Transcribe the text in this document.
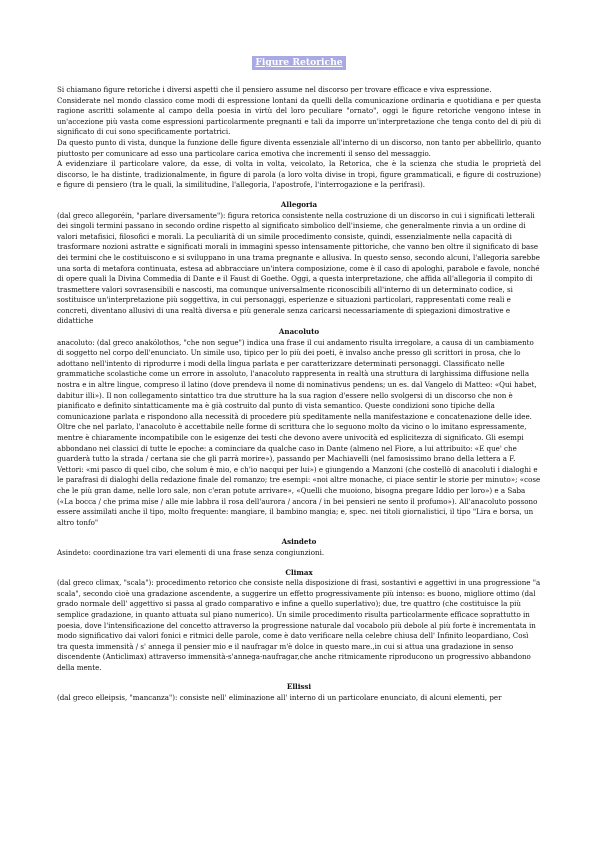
Figure Retoriche

Si chiamano figure retoriche i diversi aspetti che il pensiero assume nel discorso per trovare efficace e viva espressione.

Considerate nel mondo classico come modi di espressione lontani da quelli della comunicazione ordinaria e quotidiana e per questa ragione ascritti solamente al campo della poesia in virtù del loro peculiare "ornato", oggi le figure retoriche vengono intese in un'accezione più vasta come espressioni particolarmente pregnanti e tali da imporre un'interpretazione che tenga conto del di più di significato di cui sono specificamente portatrici.

Da questo punto di vista, dunque la funzione delle figure diventa essenziale all'interno di un discorso, non tanto per abbellirlo, quanto piuttosto per comunicare ad esso una particolare carica emotiva che incrementi il senso del messaggio.

A evidenziare il particolare valore, da esse, di volta in volta, veicolato, la Retorica, che è la scienza che studia le proprietà del discorso, le ha distinte, tradizionalmente, in figure di parola (a loro volta divise in tropi, figure grammaticali, e figure di costruzione) e figure di pensiero (tra le quali, la similitudine, l'allegoria, l'apostrofe, l'interrogazione e la perifrasi).

Allegoria

(dal greco allegoréin, "parlare diversamente"): figura retorica consistente nella costruzione di un discorso in cui i significati letterali dei singoli termini passano in secondo ordine rispetto al significato simbolico dell'insieme, che generalmente rinvia a un ordine di valori metafisici, filosofici e morali. La peculiarità di un simile procedimento consiste, quindi, essenzialmente nella capacità di trasformare nozioni astratte e significati morali in immagini spesso intensamente pittoriche, che vanno ben oltre il significato di base dei termini che le costituiscono e si sviluppano in una trama pregnante e allusiva. In questo senso, secondo alcuni, l'allegoria sarebbe una sorta di metafora continuata, estesa ad abbracciare un'intera composizione, come è il caso di apologhi, parabole e favole, nonché di opere quali la Divina Commedia di Dante e il Faust di Goethe. Oggi, a questa interpretazione, che affida all'allegoria il compito di trasmettere valori sovrasensibili e nascosti, ma comunque universalmente riconoscibili all'interno di un determinato codice, si sostituisce un'interpretazione più soggettiva, in cui personaggi, esperienze e situazioni particolari, rappresentati come reali e concreti, diventano allusivi di una realtà diversa e più generale senza caricarsi necessariamente di spiegazioni dimostrative e didattiche

Anacoluto

anacoluto: (dal greco anakólothos, "che non segue") indica una frase il cui andamento risulta irregolare, a causa di un cambiamento di soggetto nel corpo dell'enunciato. Un simile uso, tipico per lo più dei poeti, è invalso anche presso gli scrittori in prosa, che lo adottano nell'intento di riprodurre i modi della lingua parlata e per caratterizzare determinati personaggi. Classificato nelle grammatiche scolastiche come un errore in assoluto, l'anacoluto rappresenta in realtà una struttura di larghissima diffusione nella nostra e in altre lingue, compreso il latino (dove prendeva il nome di nominativus pendens; un es. dal Vangelo di Matteo: «Qui habet, dabitur illi»). Il non collegamento sintattico tra due strutture ha la sua ragion d'essere nello svolgersi di un discorso che non è pianificato e definito sintatticamente ma è già costruito dal punto di vista semantico. Queste condizioni sono tipiche della comunicazione parlata e rispondono alla necessità di procedere più speditamente nella manifestazione e concatenazione delle idee. Oltre che nel parlato, l'anacoluto è accettabile nelle forme di scrittura che lo seguono molto da vicino o lo imitano espressamente, mentre è chiaramente incompatibile con le esigenze dei testi che devono avere univocità ed esplicitezza di significato. Gli esempi abbondano nei classici di tutte le epoche: a cominciare da qualche caso in Dante (almeno nel Fiore, a lui attribuito: «E que' che guarderà tutto la strada / certana sie che gli parrà morire»), passando per Machiavelli (nel famosissimo brano della lettera a F. Vettori: «mi pasco di quel cibo, che solum è mio, e ch'io nacqui per lui») e giungendo a Manzoni (che costellò di anacoluti i dialoghi e le parafrasi di dialoghi della redazione finale del romanzo; tre esempi: «noi altre monache, ci piace sentir le storie per minuto»; «cose che le più gran dame, nelle loro sale, non c'eran potute arrivare», «Quelli che muoiono, bisogna pregare Iddio per loro») e a Saba («La bocca / che prima mise / alle mie labbra il rosa dell'aurora / ancora / in bei pensieri ne sento il profumo»). All'anacoluto possono essere assimilati anche il tipo, molto frequente: mangiare, il bambino mangia; e, spec. nei titoli giornalistici, il tipo "Lira e borsa, un altro tonfo"

Asindeto

Asindeto: coordinazione tra vari elementi di una frase senza congiunzioni.

Climax

(dal greco climax, "scala"): procedimento retorico che consiste nella disposizione di frasi, sostantivi e aggettivi in una progressione "a scala", secondo cioè una gradazione ascendente, a suggerire un effetto progressivamente più intenso: es buono, migliore ottimo (dal grado normale dell' aggettivo si passa al grado comparativo e infine a quello superlativo); due, tre quattro (che costituisce la più semplice gradazione, in quanto attuata sul piano numerico). Un simile procedimento risulta particolarmente efficace soprattutto in poesia, dove l'intensificazione del concetto attraverso la progressione naturale dal vocabolo più debole al più forte è incrementata in modo significativo dai valori fonici e ritmici delle parole, come è dato verificare nella celebre chiusa dell' Infinito leopardiano, Così tra questa immensità / s' annega il pensier mio e il naufragar m'è dolce in questo mare.,in cui si attua una gradazione in senso discendente (Anticlimax) attraverso immensità-s'annega-naufragar,che anche ritmicamente riproducono un progressivo abbandono della mente.

Ellissi

(dal greco elleipsis, "mancanza"): consiste nell' eliminazione all' interno di un particolare enunciato, di alcuni elementi, per
